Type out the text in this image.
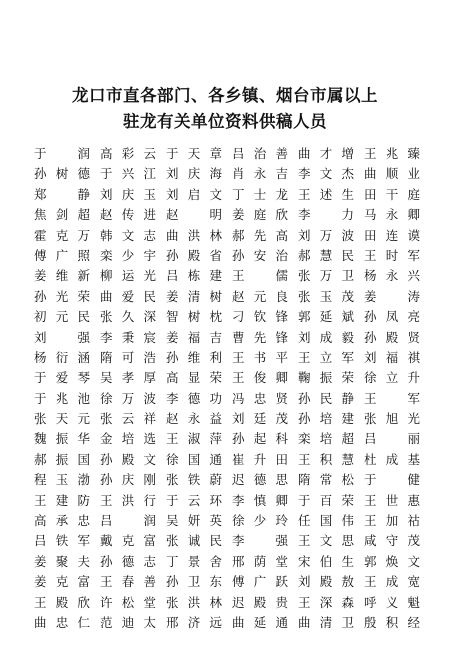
龙口市直各部门、各乡镇、烟台市属以上
驻龙有关单位资料供稿人员
于 润 高 彩 云 于 天 章 吕 治 善 曲 才 增 王 兆 臻
孙 树 德 于 兴 江 刘 庆 海 肖 永 吉 李 文 杰 曲 顺 业
郑 静 刘 庆 玉 刘 启 文 丁 士 龙 王 述 生 田 干 庭
焦 剑 超 赵 传 进 赵 明 姜 庭 欣 李 力 马 永 卿
霍 克 万 韩 文 志 曲 洪 林 郝 先 高 刘 万 波 田 连 谟
傅 广 照 栾 少 宇 孙 殿 省 孙 安 治 郝 慧 民 王 时 军
姜 维 新 柳 运 光 吕 栋 建 王 儒 张 万 卫 杨 永 兴
孙 光 荣 曲 爱 民 姜 清 树 赵 元 良 张 玉 茂 姜 涛
初 元 民 张 久 深 智 树 枕 刁 钦 锋 郭 延 斌 孙 凤 亮
刘 强 李 秉 宸 姜 福 吉 曹 先 锋 刘 成 毅 孙 殿 贤
杨 衍 涵 隋 可 浩 孙 维 利 王 书 平 王 立 军 刘 福 祺
于 爱 琴 吴 孝 厚 高 显 荣 王 俊 卿 鞠 振 荣 徐 立 升
于 兆 池 徐 万 波 李 德 功 冯 忠 贤 孙 民 静 王 军
张 天 元 张 云 祥 赵 永 益 刘 廷 茂 孙 培 建 张 旭 光
魏 振 华 金 培 选 王 淑 萍 孙 起 科 栾 培 超 吕 丽
郝 振 国 孙 殿 文 徐 国 通 崔 升 田 王 积 慧 杜 成 基
程 玉 渤 孙 庆 刚 张 铁 蔚 迟 德 思 隋 常 松 于 健
王 建 防 王 洪 行 于 云 环 李 慎 卿 于 百 荣 王 世 惠
高 承 忠 吕 润 吴 妍 英 徐 少 玲 任 国 伟 王 加 祜
吕 铁 军 戴 克 富 张 诚 民 李 强 王 文 思 咸 守 茂
姜 聚 夫 孙 德 志 丁 景 舍 邢 荫 堂 宋 伯 生 郭 焕 文
姜 克 富 王 春 善 孙 卫 东 傅 广 跃 刘 殿 敖 王 成 宽
王 殿 欣 许 松 堂 张 洪 林 迟 殿 贵 王 深 森 呼 义 魁
曲 忠 仁 范 迪 太 邢 济 远 曲 延 通 曲 清 卫 殷 积 经
